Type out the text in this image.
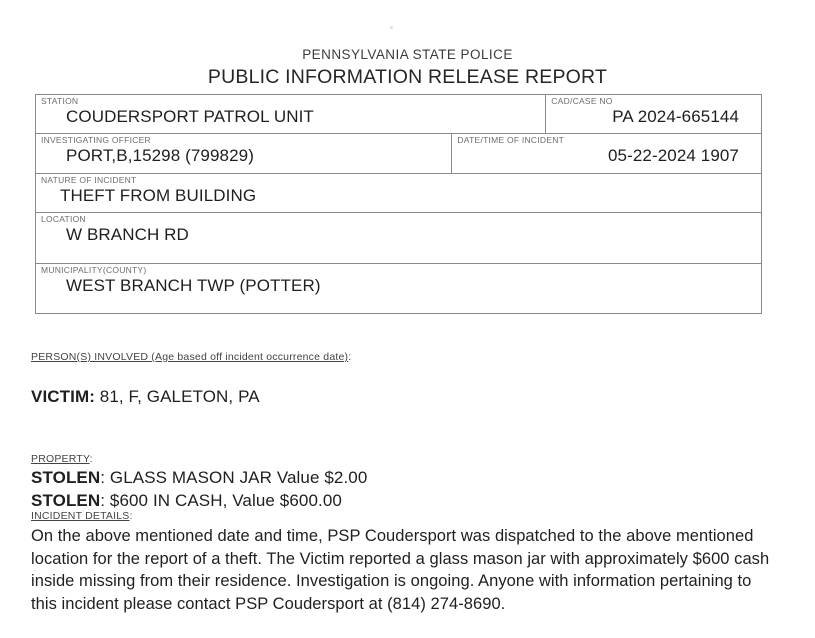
PENNSYLVANIA STATE POLICE
PUBLIC INFORMATION RELEASE REPORT
STATION
COUDERSPORT PATROL UNIT
CAD/CASE NO
PA 2024-665144
INVESTIGATING OFFICER
PORT,B,15298 (799829)
DATE/TIME OF INCIDENT
05-22-2024 1907
NATURE OF INCIDENT
THEFT FROM BUILDING
LOCATION
W BRANCH RD
MUNICIPALITY(COUNTY)
WEST BRANCH TWP (POTTER)
PERSON(S) INVOLVED (Age based off incident occurrence date):
VICTIM: 81, F, GALETON, PA
PROPERTY:
STOLEN: GLASS MASON JAR Value $2.00
STOLEN: $600 IN CASH, Value $600.00
INCIDENT DETAILS:
On the above mentioned date and time, PSP Coudersport was dispatched to the above mentioned location for the report of a theft. The Victim reported a glass mason jar with approximately $600 cash inside missing from their residence. Investigation is ongoing. Anyone with information pertaining to this incident please contact PSP Coudersport at (814) 274-8690.
